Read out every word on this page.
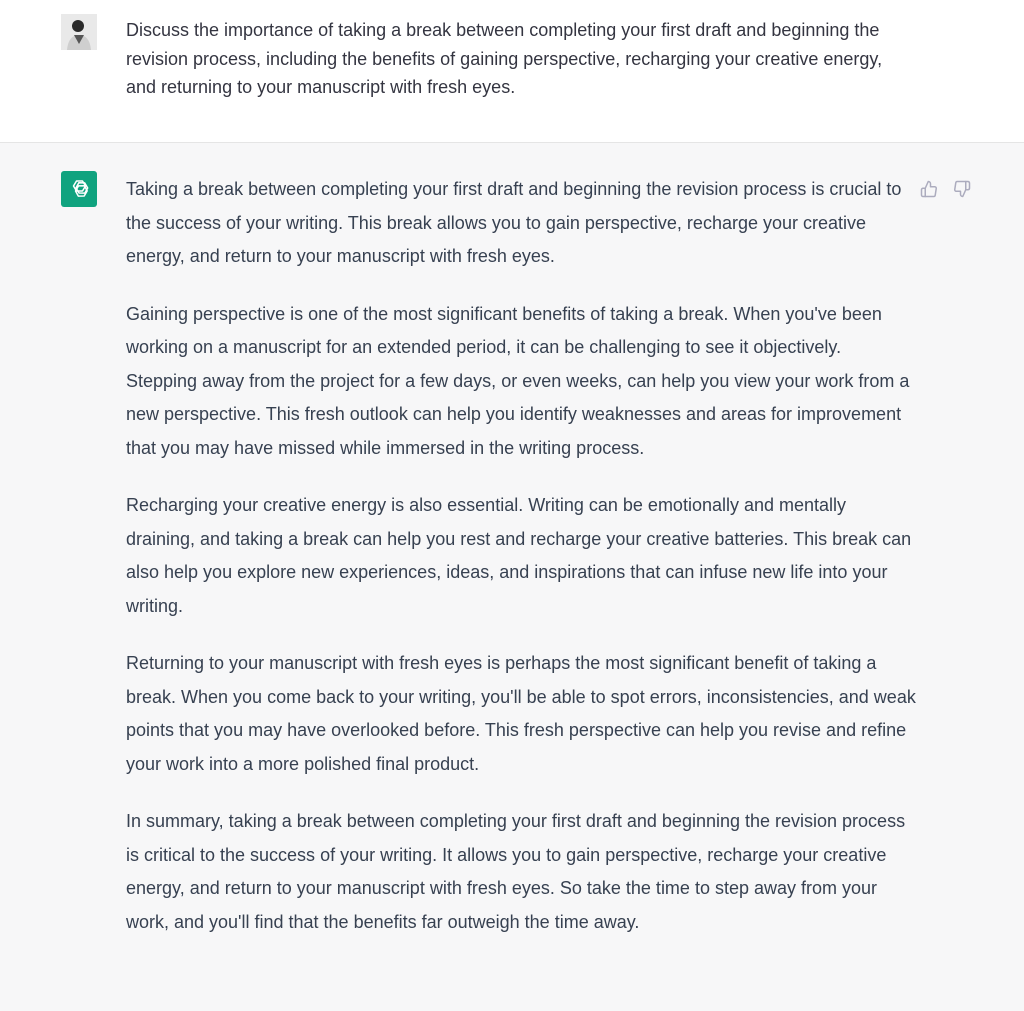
Discuss the importance of taking a break between completing your first draft and beginning the revision process, including the benefits of gaining perspective, recharging your creative energy, and returning to your manuscript with fresh eyes.

Taking a break between completing your first draft and beginning the revision process is crucial to the success of your writing. This break allows you to gain perspective, recharge your creative energy, and return to your manuscript with fresh eyes.

Gaining perspective is one of the most significant benefits of taking a break. When you've been working on a manuscript for an extended period, it can be challenging to see it objectively. Stepping away from the project for a few days, or even weeks, can help you view your work from a new perspective. This fresh outlook can help you identify weaknesses and areas for improvement that you may have missed while immersed in the writing process.

Recharging your creative energy is also essential. Writing can be emotionally and mentally draining, and taking a break can help you rest and recharge your creative batteries. This break can also help you explore new experiences, ideas, and inspirations that can infuse new life into your writing.

Returning to your manuscript with fresh eyes is perhaps the most significant benefit of taking a break. When you come back to your writing, you'll be able to spot errors, inconsistencies, and weak points that you may have overlooked before. This fresh perspective can help you revise and refine your work into a more polished final product.

In summary, taking a break between completing your first draft and beginning the revision process is critical to the success of your writing. It allows you to gain perspective, recharge your creative energy, and return to your manuscript with fresh eyes. So take the time to step away from your work, and you'll find that the benefits far outweigh the time away.
